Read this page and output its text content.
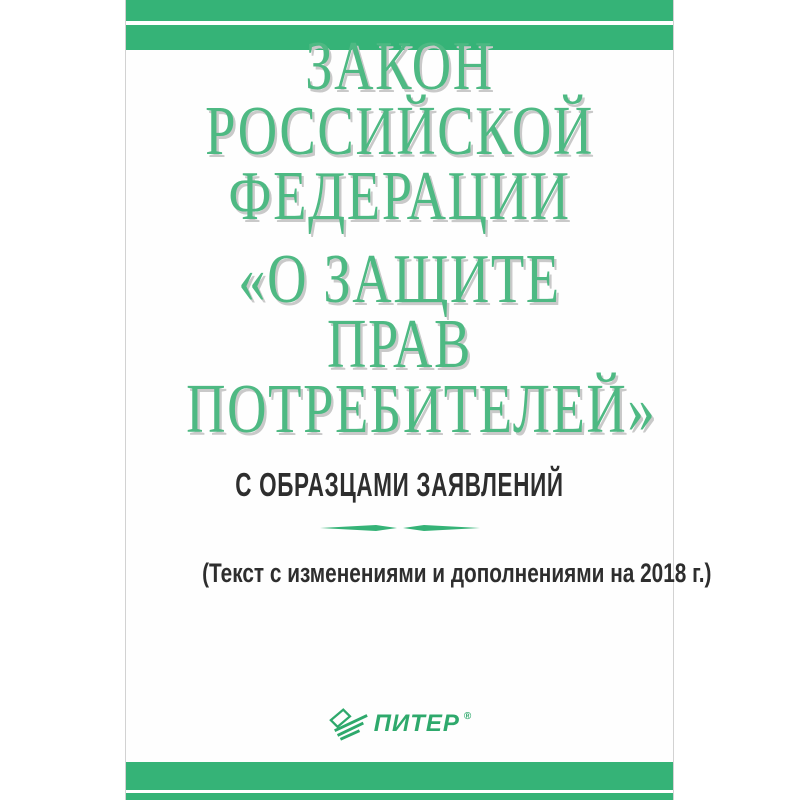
ЗАКОН
РОССИЙСКОЙ
ФЕДЕРАЦИИ
«О ЗАЩИТЕ
ПРАВ
ПОТРЕБИТЕЛЕЙ»
С ОБРАЗЦАМИ ЗАЯВЛЕНИЙ
(Текст с изменениями и дополнениями на 2018 г.)
ПИТЕР ®
